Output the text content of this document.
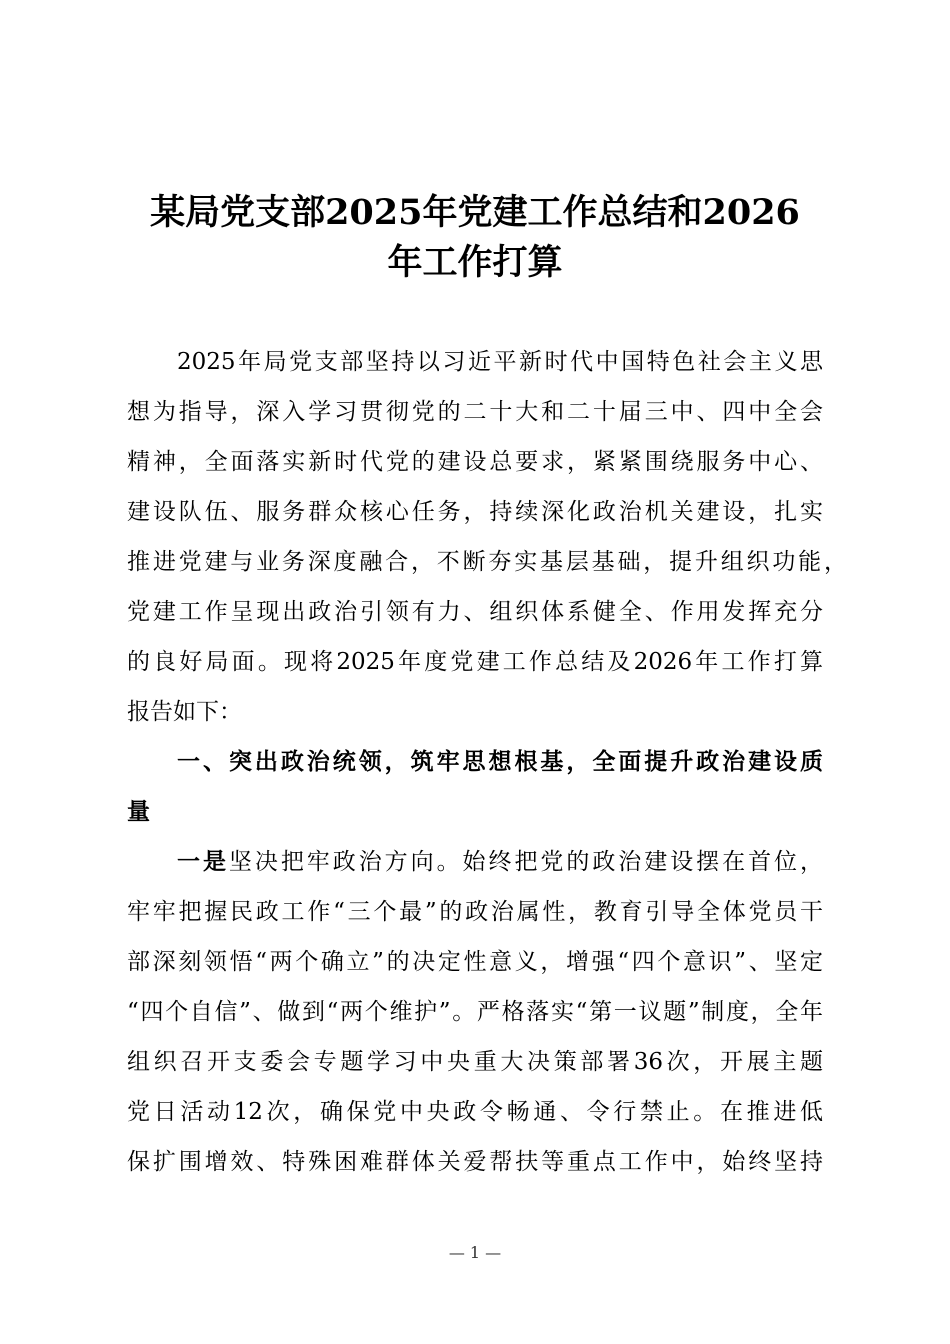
某局党支部2025年党建工作总结和2026
年工作打算
2025年局党支部坚持以习近平新时代中国特色社会主义思
想为指导，深入学习贯彻党的二十大和二十届三中、四中全会
精神，全面落实新时代党的建设总要求，紧紧围绕服务中心、
建设队伍、服务群众核心任务，持续深化政治机关建设，扎实
推进党建与业务深度融合，不断夯实基层基础，提升组织功能，
党建工作呈现出政治引领有力、组织体系健全、作用发挥充分
的良好局面。现将2025年度党建工作总结及2026年工作打算
报告如下：
一、突出政治统领，筑牢思想根基，全面提升政治建设质
量
一是坚决把牢政治方向。始终把党的政治建设摆在首位，
牢牢把握民政工作“三个最”的政治属性，教育引导全体党员干
部深刻领悟“两个确立”的决定性意义，增强“四个意识”、坚定
“四个自信”、做到“两个维护”。严格落实“第一议题”制度，全年
组织召开支委会专题学习中央重大决策部署36次，开展主题
党日活动12次，确保党中央政令畅通、令行禁止。在推进低
保扩围增效、特殊困难群体关爱帮扶等重点工作中，始终坚持
— 1 —
